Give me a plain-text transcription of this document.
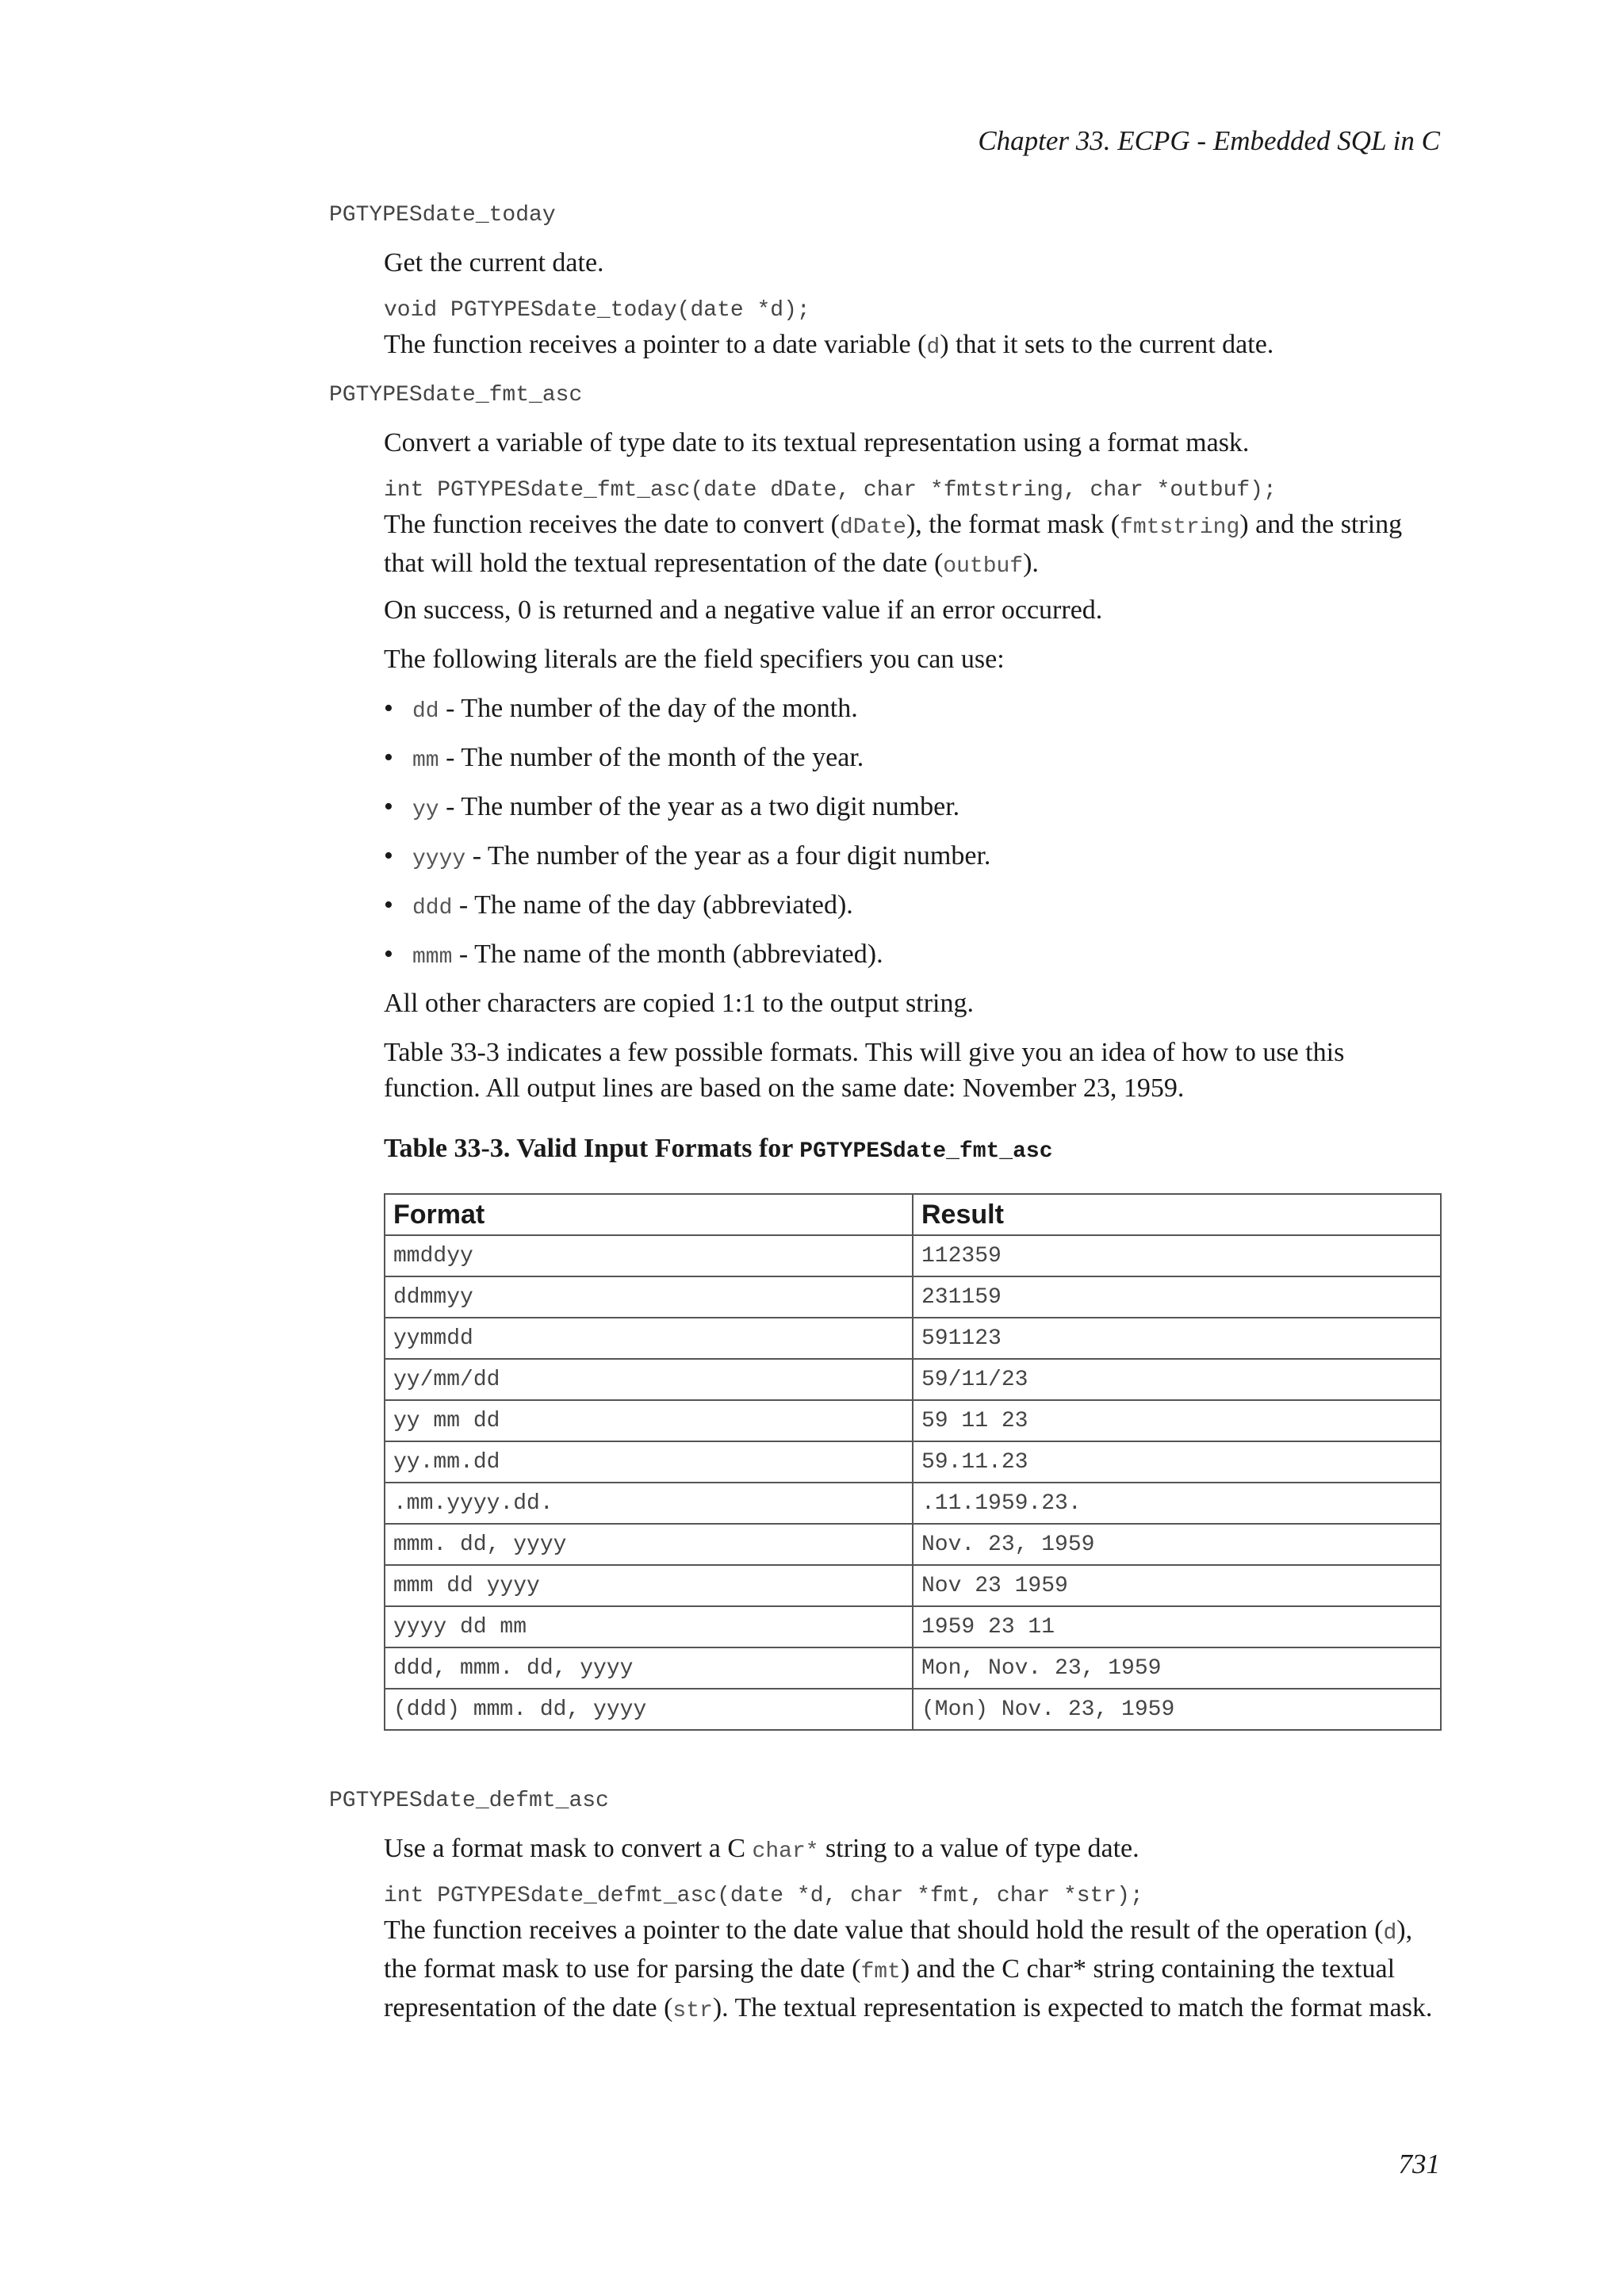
Chapter 33. ECPG - Embedded SQL in C
PGTYPESdate_today
Get the current date.
void PGTYPESdate_today(date *d);
The function receives a pointer to a date variable (d) that it sets to the current date.
PGTYPESdate_fmt_asc
Convert a variable of type date to its textual representation using a format mask.
int PGTYPESdate_fmt_asc(date dDate, char *fmtstring, char *outbuf);
The function receives the date to convert (dDate), the format mask (fmtstring) and the string that will hold the textual representation of the date (outbuf).
On success, 0 is returned and a negative value if an error occurred.
The following literals are the field specifiers you can use:
• dd - The number of the day of the month.
• mm - The number of the month of the year.
• yy - The number of the year as a two digit number.
• yyyy - The number of the year as a four digit number.
• ddd - The name of the day (abbreviated).
• mmm - The name of the month (abbreviated).
All other characters are copied 1:1 to the output string.
Table 33-3 indicates a few possible formats. This will give you an idea of how to use this function. All output lines are based on the same date: November 23, 1959.
Table 33-3. Valid Input Formats for PGTYPESdate_fmt_asc
Format	Result
mmddyy	112359
ddmmyy	231159
yymmdd	591123
yy/mm/dd	59/11/23
yy mm dd	59 11 23
yy.mm.dd	59.11.23
.mm.yyyy.dd.	.11.1959.23.
mmm. dd, yyyy	Nov. 23, 1959
mmm dd yyyy	Nov 23 1959
yyyy dd mm	1959 23 11
ddd, mmm. dd, yyyy	Mon, Nov. 23, 1959
(ddd) mmm. dd, yyyy	(Mon) Nov. 23, 1959
PGTYPESdate_defmt_asc
Use a format mask to convert a C char* string to a value of type date.
int PGTYPESdate_defmt_asc(date *d, char *fmt, char *str);
The function receives a pointer to the date value that should hold the result of the operation (d), the format mask to use for parsing the date (fmt) and the C char* string containing the textual representation of the date (str). The textual representation is expected to match the format mask.
731
